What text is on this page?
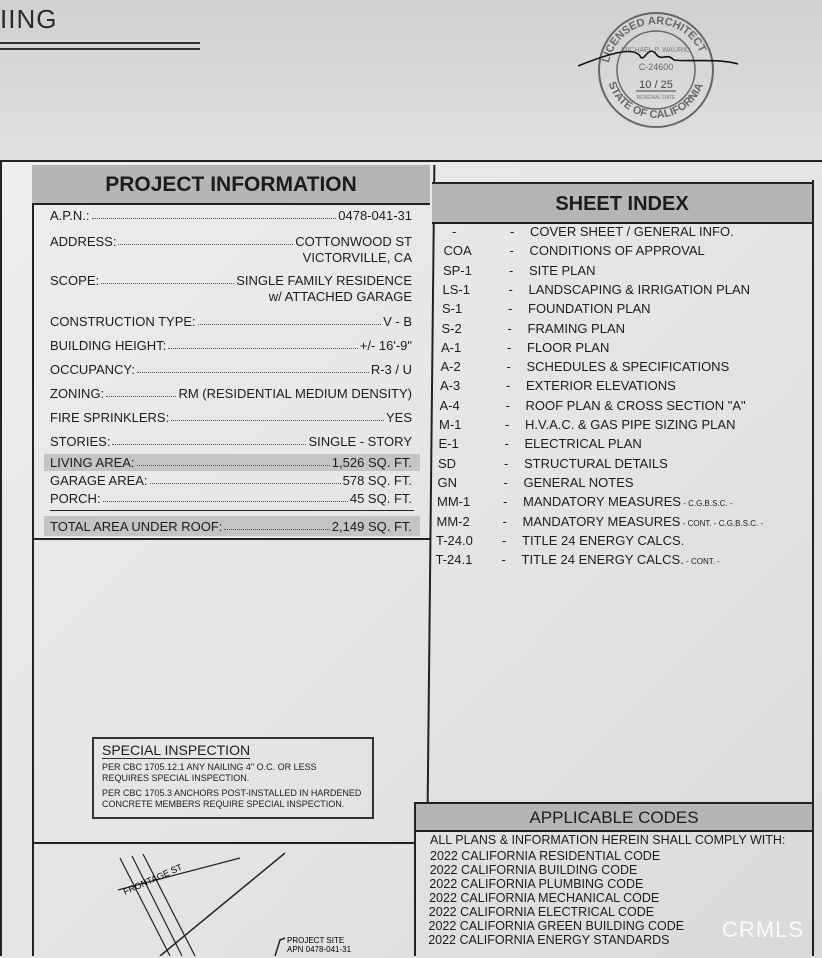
IING
LICENSED ARCHITECT
STATE OF CALIFORNIA
MICHAEL P. WAURIO
C-24600
10 / 25
RENEWAL DATE
PROJECT INFORMATION
A.P.N.:	0478-041-31
ADDRESS:	COTTONWOOD ST
VICTORVILLE, CA
SCOPE:	SINGLE FAMILY RESIDENCE
w/ ATTACHED GARAGE
CONSTRUCTION TYPE:	V - B
BUILDING HEIGHT:	+/- 16'-9"
OCCUPANCY:	R-3 / U
ZONING:	RM (RESIDENTIAL MEDIUM DENSITY)
FIRE SPRINKLERS:	YES
STORIES:	SINGLE - STORY
LIVING AREA:	1,526 SQ. FT.
GARAGE AREA:	578 SQ. FT.
PORCH:	45 SQ. FT.
TOTAL AREA UNDER ROOF:	2,149 SQ. FT.
SHEET INDEX
-	- COVER SHEET / GENERAL INFO.
COA	- CONDITIONS OF APPROVAL
SP-1	- SITE PLAN
LS-1	- LANDSCAPING & IRRIGATION PLAN
S-1	- FOUNDATION PLAN
S-2	- FRAMING PLAN
A-1	- FLOOR PLAN
A-2	- SCHEDULES & SPECIFICATIONS
A-3	- EXTERIOR ELEVATIONS
A-4	- ROOF PLAN & CROSS SECTION "A"
M-1	- H.V.A.C. & GAS PIPE SIZING PLAN
E-1	- ELECTRICAL PLAN
SD	- STRUCTURAL DETAILS
GN	- GENERAL NOTES
MM-1	- MANDATORY MEASURES - C.G.B.S.C. -
MM-2	- MANDATORY MEASURES - CONT. - C.G.B.S.C. -
T-24.0	- TITLE 24 ENERGY CALCS.
T-24.1	- TITLE 24 ENERGY CALCS. - CONT. -
SPECIAL INSPECTION

PER CBC 1705.12.1 ANY NAILING 4" O.C. OR LESS REQUIRES SPECIAL INSPECTION.

PER CBC 1705.3 ANCHORS POST-INSTALLED IN HARDENED CONCRETE MEMBERS REQUIRE SPECIAL INSPECTION.

FRONTAGE ST
PROJECT SITE
APN 0478-041-31
APPLICABLE CODES
ALL PLANS & INFORMATION HEREIN SHALL COMPLY WITH:
2022 CALIFORNIA RESIDENTIAL CODE
2022 CALIFORNIA BUILDING CODE
2022 CALIFORNIA PLUMBING CODE
2022 CALIFORNIA MECHANICAL CODE
2022 CALIFORNIA ELECTRICAL CODE
2022 CALIFORNIA GREEN BUILDING CODE
2022 CALIFORNIA ENERGY STANDARDS CRMLS
